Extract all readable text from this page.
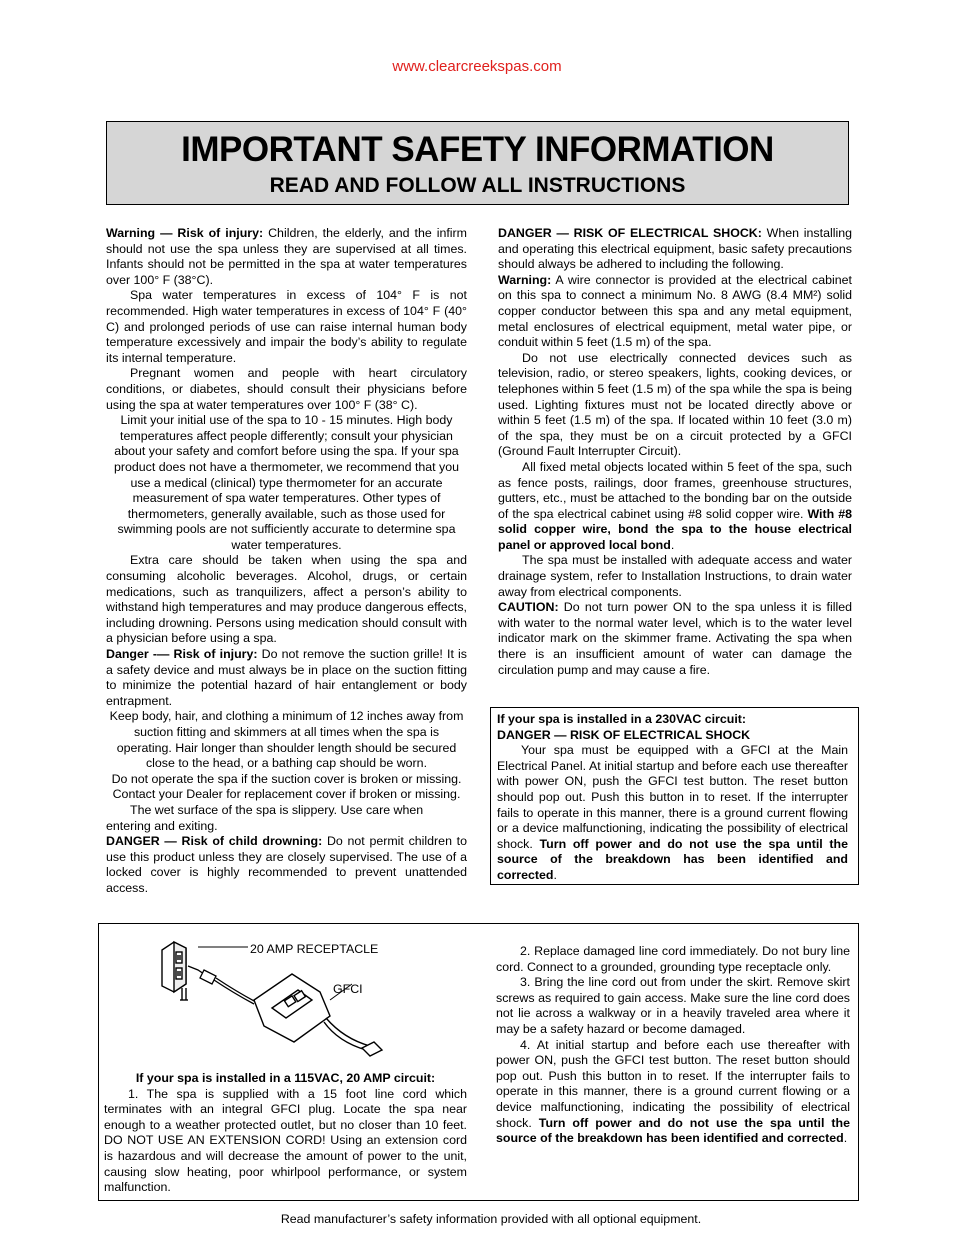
www.clearcreekspas.com
IMPORTANT SAFETY INFORMATION
READ AND FOLLOW ALL INSTRUCTIONS

Warning — Risk of injury: Children, the elderly, and the infirm should not use the spa unless they are supervised at all times. Infants should not be permitted in the spa at water temperatures over 100° F (38°C).

Spa water temperatures in excess of 104° F is not recommended. High water temperatures in excess of 104° F (40° C) and prolonged periods of use can raise internal human body temperature excessively and impair the body’s ability to regulate its internal temperature.

Pregnant women and people with heart circulatory conditions, or diabetes, should consult their physicians before using the spa at water temperatures over 100° F (38° C).

Limit your initial use of the spa to 10 - 15 minutes. High body temperatures affect people differently; consult your physician about your safety and comfort before using the spa. If your spa product does not have a thermometer, we recommend that you use a medical (clinical) type thermometer for an accurate measurement of spa water temperatures. Other types of thermometers, generally available, such as those used for swimming pools are not sufficiently accurate to determine spa water temperatures.

Extra care should be taken when using the spa and consuming alcoholic beverages. Alcohol, drugs, or certain medications, such as tranquilizers, affect a person’s ability to withstand high temperatures and may produce dangerous effects, including drowning. Persons using medication should consult with a physician before using a spa.

Danger -— Risk of injury: Do not remove the suction grille! It is a safety device and must always be in place on the suction fitting to minimize the potential hazard of hair entanglement or body entrapment.

Keep body, hair, and clothing a minimum of 12 inches away from suction fitting and skimmers at all times when the spa is operating. Hair longer than shoulder length should be secured close to the head, or a bathing cap should be worn.

Do not operate the spa if the suction cover is broken or missing. Contact your Dealer for replacement cover if broken or missing.

The wet surface of the spa is slippery. Use care when entering and exiting.

DANGER — Risk of child drowning: Do not permit children to use this product unless they are closely supervised. The use of a locked cover is highly recommended to prevent unattended access.

DANGER — RISK OF ELECTRICAL SHOCK: When installing and operating this electrical equipment, basic safety precautions should always be adhered to including the following.

Warning: A wire connector is provided at the electrical cabinet on this spa to connect a minimum No. 8 AWG (8.4 MM²) solid copper conductor between this spa and any metal equipment, metal enclosures of electrical equipment, metal water pipe, or conduit within 5 feet (1.5 m) of the spa.

Do not use electrically connected devices such as television, radio, or stereo speakers, lights, cooking devices, or telephones within 5 feet (1.5 m) of the spa while the spa is being used. Lighting fixtures must not be located directly above or within 5 feet (1.5 m) of the spa. If located within 10 feet (3.0 m) of the spa, they must be on a circuit protected by a GFCI (Ground Fault Interrupter Circuit).

All fixed metal objects located within 5 feet of the spa, such as fence posts, railings, door frames, greenhouse structures, gutters, etc., must be attached to the bonding bar on the outside of the spa electrical cabinet using #8 solid copper wire. With #8 solid copper wire, bond the spa to the house electrical panel or approved local bond.

The spa must be installed with adequate access and water drainage system, refer to Installation Instructions, to drain water away from electrical components.

CAUTION: Do not turn power ON to the spa unless it is filled with water to the normal water level, which is to the water level indicator mark on the skimmer frame. Activating the spa when there is an insufficient amount of water can damage the circulation pump and may cause a fire.

If your spa is installed in a 230VAC circuit:

DANGER — RISK OF ELECTRICAL SHOCK

Your spa must be equipped with a GFCI at the Main Electrical Panel. At initial startup and before each use thereafter with power ON, push the GFCI test button. The reset button should pop out. Push this button in to reset. If the interrupter fails to operate in this manner, there is a ground current flowing or a device malfunctioning, indicating the possibility of electrical shock. Turn off power and do not use the spa until the source of the breakdown has been identified and corrected.

20 AMP RECEPTACLE
GFCI

If your spa is installed in a 115VAC, 20 AMP circuit:

1. The spa is supplied with a 15 foot line cord which terminates with an integral GFCI plug. Locate the spa near enough to a weather protected outlet, but no closer than 10 feet. DO NOT USE AN EXTENSION CORD! Using an extension cord is hazardous and will decrease the amount of power to the unit, causing slow heating, poor whirlpool performance, or system malfunction.

2. Replace damaged line cord immediately. Do not bury line cord. Connect to a grounded, grounding type receptacle only.

3. Bring the line cord out from under the skirt. Remove skirt screws as required to gain access. Make sure the line cord does not lie across a walkway or in a heavily traveled area where it may be a safety hazard or become damaged.

4. At initial startup and before each use thereafter with power ON, push the GFCI test button. The reset button should pop out. Push this button in to reset. If the interrupter fails to operate in this manner, there is a ground current flowing or a device malfunctioning, indicating the possibility of electrical shock. Turn off power and do not use the spa until the source of the breakdown has been identified and corrected.

Read manufacturer’s safety information provided with all optional equipment.
